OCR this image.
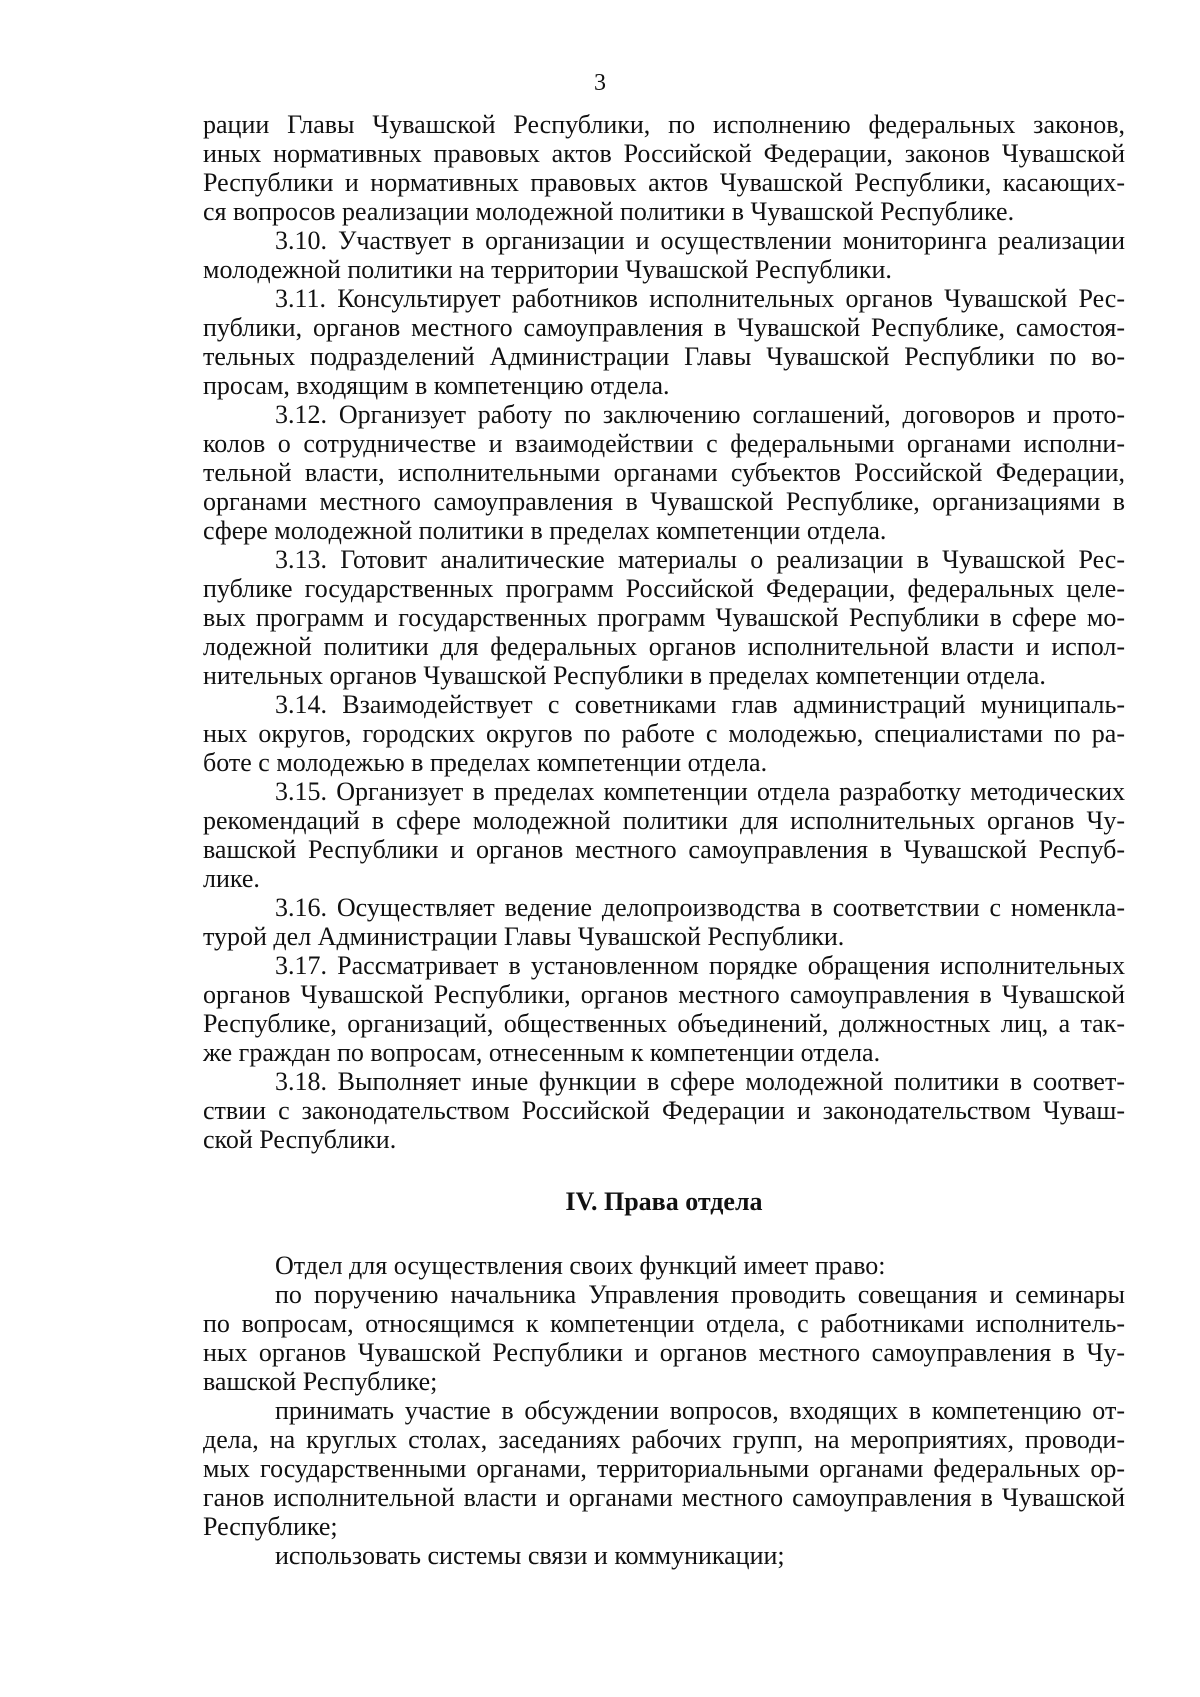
3
рации Главы Чувашской Республики, по исполнению федеральных законов,
иных нормативных правовых актов Российской Федерации, законов Чувашской
Республики и нормативных правовых актов Чувашской Республики, касающих-
ся вопросов реализации молодежной политики в Чувашской Республике.
3.10. Участвует в организации и осуществлении мониторинга реализации
молодежной политики на территории Чувашской Республики.
3.11. Консультирует работников исполнительных органов Чувашской Рес-
публики, органов местного самоуправления в Чувашской Республике, самостоя-
тельных подразделений Администрации Главы Чувашской Республики по во-
просам, входящим в компетенцию отдела.
3.12. Организует работу по заключению соглашений, договоров и прото-
колов о сотрудничестве и взаимодействии с федеральными органами исполни-
тельной власти, исполнительными органами субъектов Российской Федерации,
органами местного самоуправления в Чувашской Республике, организациями в
сфере молодежной политики в пределах компетенции отдела.
3.13. Готовит аналитические материалы о реализации в Чувашской Рес-
публике государственных программ Российской Федерации, федеральных целе-
вых программ и государственных программ Чувашской Республики в сфере мо-
лодежной политики для федеральных органов исполнительной власти и испол-
нительных органов Чувашской Республики в пределах компетенции отдела.
3.14. Взаимодействует с советниками глав администраций муниципаль-
ных округов, городских округов по работе с молодежью, специалистами по ра-
боте с молодежью в пределах компетенции отдела.
3.15. Организует в пределах компетенции отдела разработку методических
рекомендаций в сфере молодежной политики для исполнительных органов Чу-
вашской Республики и органов местного самоуправления в Чувашской Респуб-
лике.
3.16. Осуществляет ведение делопроизводства в соответствии с номенкла-
турой дел Администрации Главы Чувашской Республики.
3.17. Рассматривает в установленном порядке обращения исполнительных
органов Чувашской Республики, органов местного самоуправления в Чувашской
Республике, организаций, общественных объединений, должностных лиц, а так-
же граждан по вопросам, отнесенным к компетенции отдела.
3.18. Выполняет иные функции в сфере молодежной политики в соответ-
ствии с законодательством Российской Федерации и законодательством Чуваш-
ской Республики.
IV. Права отдела
Отдел для осуществления своих функций имеет право:
по поручению начальника Управления проводить совещания и семинары
по вопросам, относящимся к компетенции отдела, с работниками исполнитель-
ных органов Чувашской Республики и органов местного самоуправления в Чу-
вашской Республике;
принимать участие в обсуждении вопросов, входящих в компетенцию от-
дела, на круглых столах, заседаниях рабочих групп, на мероприятиях, проводи-
мых государственными органами, территориальными органами федеральных ор-
ганов исполнительной власти и органами местного самоуправления в Чувашской
Республике;
использовать системы связи и коммуникации;
